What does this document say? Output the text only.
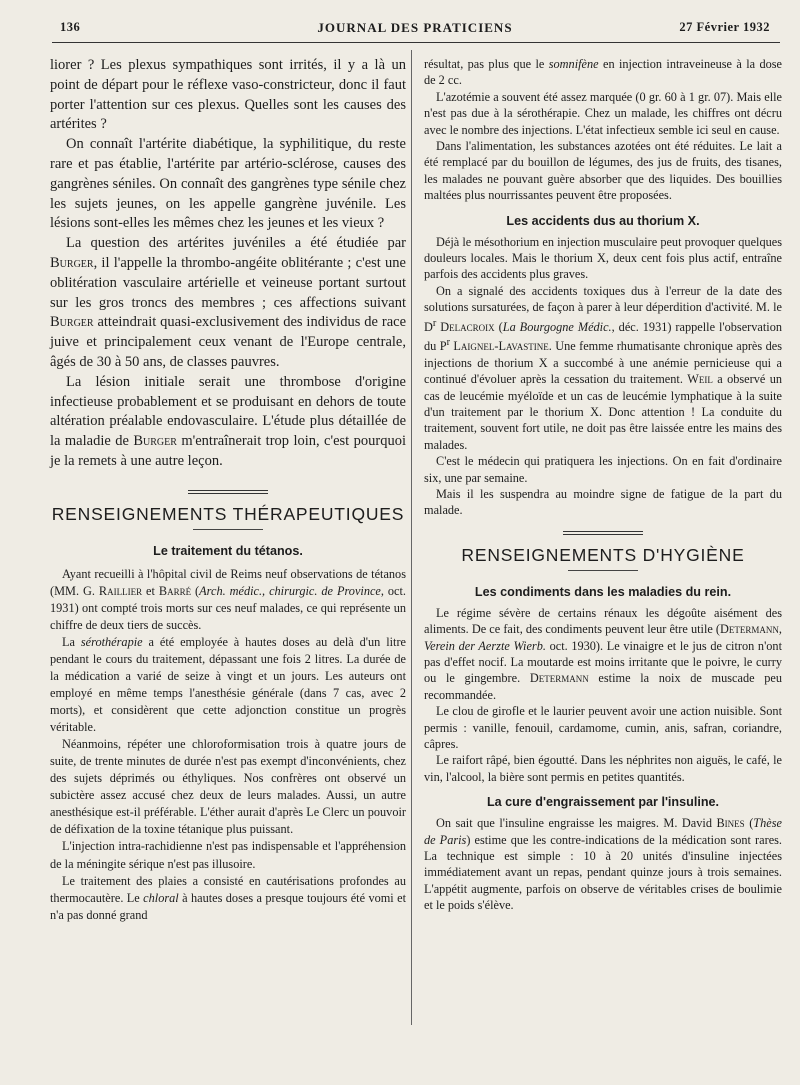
136	JOURNAL DES PRATICIENS	27 Février 1932

liorer ? Les plexus sympathiques sont irrités, il y a là un point de départ pour le réflexe vaso-constricteur, donc il faut porter l'attention sur ces plexus. Quelles sont les causes des artérites ?

On connaît l'artérite diabétique, la syphilitique, du reste rare et pas établie, l'artérite par artério-sclérose, causes des gangrènes séniles. On connaît des gangrènes type sénile chez les sujets jeunes, on les appelle gangrène juvénile. Les lésions sont-elles les mêmes chez les jeunes et les vieux ?

La question des artérites juvéniles a été étudiée par Burger, il l'appelle la thrombo-angéite oblitérante ; c'est une oblitération vasculaire artérielle et veineuse portant surtout sur les gros troncs des membres ; ces affections suivant Burger atteindrait quasi-exclusivement des individus de race juive et principalement ceux venant de l'Europe centrale, âgés de 30 à 50 ans, de classes pauvres.

La lésion initiale serait une thrombose d'origine infectieuse probablement et se produisant en dehors de toute altération préalable endovasculaire. L'étude plus détaillée de la maladie de Burger m'entraînerait trop loin, c'est pourquoi je la remets à une autre leçon.

RENSEIGNEMENTS THÉRAPEUTIQUES
Le traitement du tétanos.

Ayant recueilli à l'hôpital civil de Reims neuf observations de tétanos (MM. G. Raillier et Barré (Arch. médic., chirurgic. de Province, oct. 1931) ont compté trois morts sur ces neuf malades, ce qui représente un chiffre de deux tiers de succès.

La sérothérapie a été employée à hautes doses au delà d'un litre pendant le cours du traitement, dépassant une fois 2 litres. La durée de la médication a varié de seize à vingt et un jours. Les auteurs ont employé en même temps l'anesthésie générale (dans 7 cas, avec 2 morts), et considèrent que cette adjonction constitue un progrès véritable.

Néanmoins, répéter une chloroformisation trois à quatre jours de suite, de trente minutes de durée n'est pas exempt d'inconvénients, chez des sujets déprimés ou éthyliques. Nos confrères ont observé un subictère assez accusé chez deux de leurs malades. Aussi, un autre anesthésique est-il préférable. L'éther aurait d'après Le Clerc un pouvoir de défixation de la toxine tétanique plus puissant.

L'injection intra-rachidienne n'est pas indispensable et l'appréhension de la méningite sérique n'est pas illusoire.

Le traitement des plaies a consisté en cautérisations profondes au thermocautère. Le chloral à hautes doses a presque toujours été vomi et n'a pas donné grand

résultat, pas plus que le somnifène en injection intraveineuse à la dose de 2 cc.

L'azotémie a souvent été assez marquée (0 gr. 60 à 1 gr. 07). Mais elle n'est pas due à la sérothérapie. Chez un malade, les chiffres ont décru avec le nombre des injections. L'état infectieux semble ici seul en cause.

Dans l'alimentation, les substances azotées ont été réduites. Le lait a été remplacé par du bouillon de légumes, des jus de fruits, des tisanes, les malades ne pouvant guère absorber que des liquides. Des bouillies maltées plus nourrissantes peuvent être proposées.

Les accidents dus au thorium X.

Déjà le mésothorium en injection musculaire peut provoquer quelques douleurs locales. Mais le thorium X, deux cent fois plus actif, entraîne parfois des accidents plus graves.

On a signalé des accidents toxiques dus à l'erreur de la date des solutions sursaturées, de façon à parer à leur déperdition d'activité. M. le $D^r$ Delacroix (La Bourgogne Médic., déc. 1931) rappelle l'observation du $P^r$ Laignel-Lavastine. Une femme rhumatisante chronique après des injections de thorium X a succombé à une anémie pernicieuse qui a continué d'évoluer après la cessation du traitement. Weil a observé un cas de leucémie myéloïde et un cas de leucémie lymphatique à la suite d'un traitement par le thorium X. Donc attention ! La conduite du traitement, souvent fort utile, ne doit pas être laissée entre les mains des malades.

C'est le médecin qui pratiquera les injections. On en fait d'ordinaire six, une par semaine.

Mais il les suspendra au moindre signe de fatigue de la part du malade.

RENSEIGNEMENTS D'HYGIÈNE
Les condiments dans les maladies du rein.

Le régime sévère de certains rénaux les dégoûte aisément des aliments. De ce fait, des condiments peuvent leur être utile (Determann, Verein der Aerzte Wierb. oct. 1930). Le vinaigre et le jus de citron n'ont pas d'effet nocif. La moutarde est moins irritante que le poivre, le curry ou le gingembre. Determann estime la noix de muscade peu recommandée.

Le clou de girofle et le laurier peuvent avoir une action nuisible. Sont permis : vanille, fenouil, cardamome, cumin, anis, safran, coriandre, câpres.

Le raifort râpé, bien égoutté. Dans les néphrites non aiguës, le café, le vin, l'alcool, la bière sont permis en petites quantités.

La cure d'engraissement par l'insuline.

On sait que l'insuline engraisse les maigres. M. David Bines (Thèse de Paris) estime que les contre-indications de la médication sont rares. La technique est simple : 10 à 20 unités d'insuline injectées immédiatement avant un repas, pendant quinze jours à trois semaines. L'appétit augmente, parfois on observe de véritables crises de boulimie et le poids s'élève.
